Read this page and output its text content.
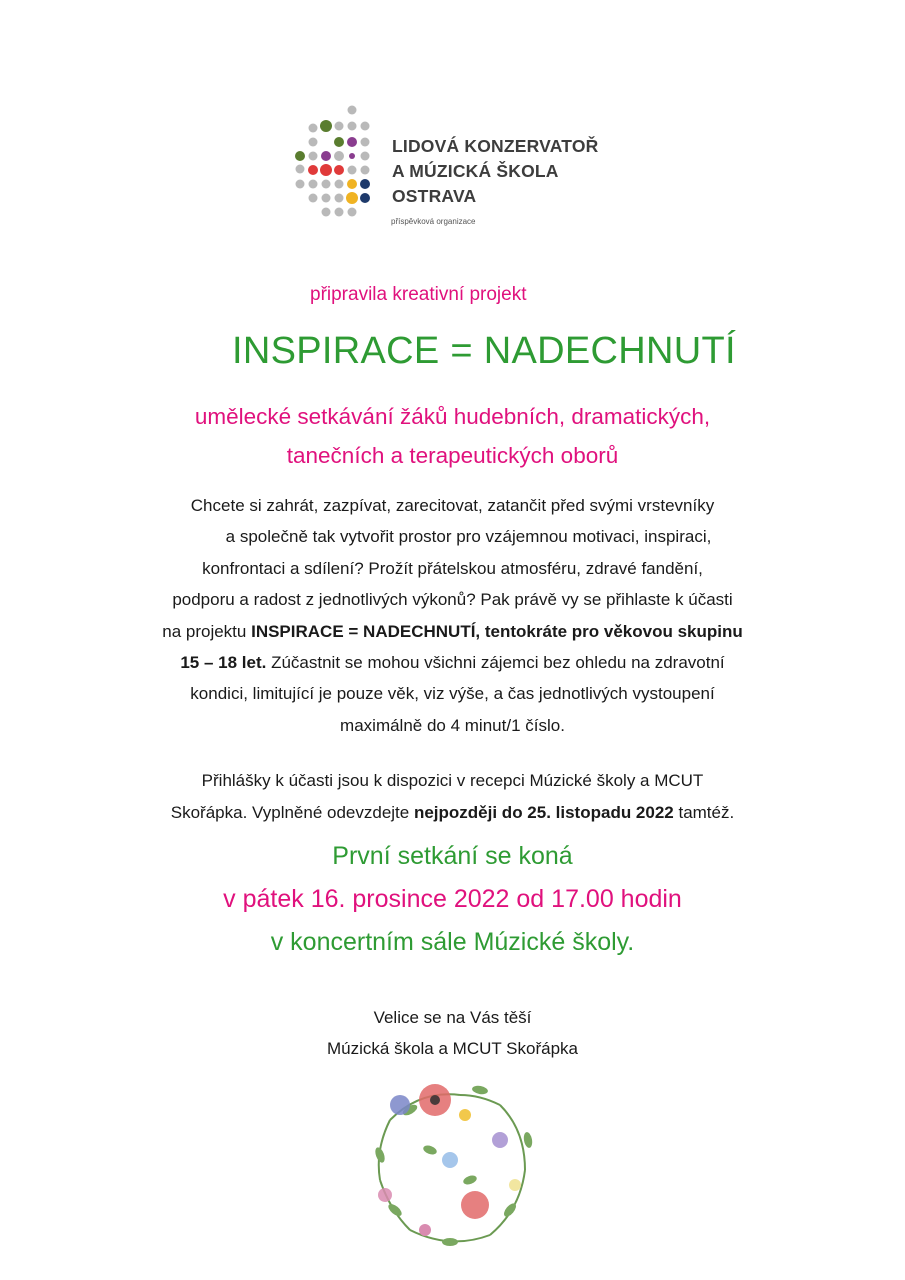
LIDOVÁ KONZERVATOŘ
A MÚZICKÁ ŠKOLA
OSTRAVA
příspěvková organizace
připravila kreativní projekt
INSPIRACE = NADECHNUTÍ
umělecké setkávání žáků hudebních, dramatických,
tanečních a terapeutických oborů
Chcete si zahrát, zazpívat, zarecitovat, zatančit před svými vrstevníky
a společně tak vytvořit prostor pro vzájemnou motivaci, inspiraci,
konfrontaci a sdílení? Prožít přátelskou atmosféru, zdravé fandění,
podporu a radost z jednotlivých výkonů? Pak právě vy se přihlaste k účasti
na projektu INSPIRACE = NADECHNUTÍ, tentokráte pro věkovou skupinu
15 – 18 let. Zúčastnit se mohou všichni zájemci bez ohledu na zdravotní
kondici, limitující je pouze věk, viz výše, a čas jednotlivých vystoupení
maximálně do 4 minut/1 číslo.
Přihlášky k účasti jsou k dispozici v recepci Múzické školy a MCUT
Skořápka. Vyplněné odevzdejte nejpozději do 25. listopadu 2022 tamtéž.
První setkání se koná
v pátek 16. prosince 2022 od 17.00 hodin
v koncertním sále Múzické školy.
Velice se na Vás těší
Múzická škola a MCUT Skořápka
